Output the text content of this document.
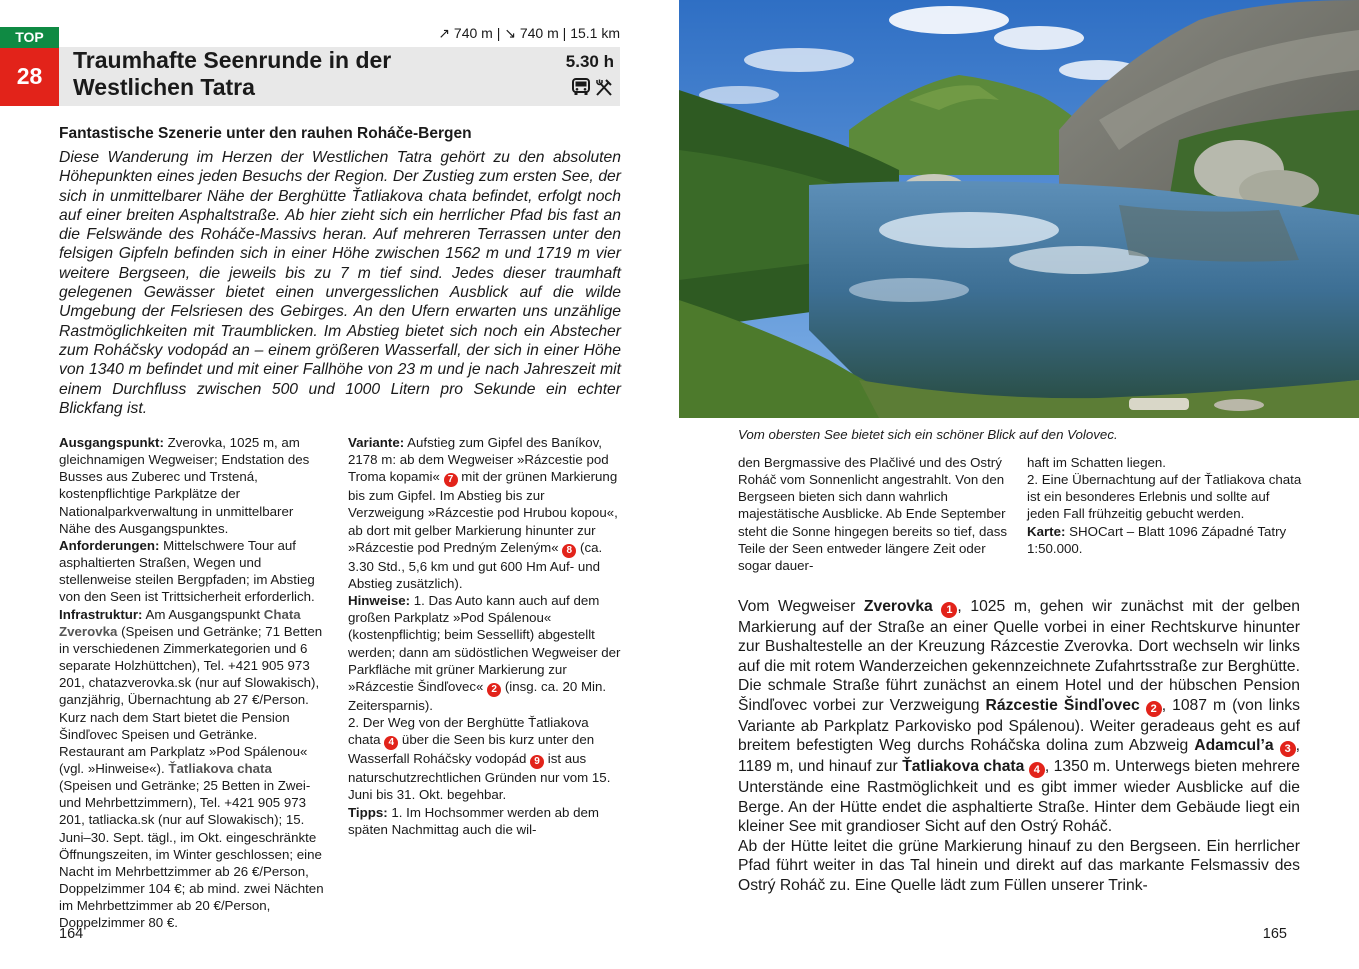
TOP
28
↗ 740 m | ↘ 740 m | 15.1 km
Traumhafte Seenrunde in der
Westlichen Tatra
5.30 h
Fantastische Szenerie unter den rauhen Roháče-Bergen
Diese Wanderung im Herzen der Westlichen Tatra gehört zu den absoluten Höhepunkten eines jeden Besuchs der Region. Der Zustieg zum ersten See, der sich in unmittelbarer Nähe der Berghütte Ťatliakova chata befindet, erfolgt noch auf einer breiten Asphaltstraße. Ab hier zieht sich ein herrlicher Pfad bis fast an die Felswände des Roháče-Massivs heran. Auf mehreren Terrassen unter den felsigen Gipfeln befinden sich in einer Höhe zwischen 1562 m und 1719 m vier weitere Bergseen, die jeweils bis zu 7 m tief sind. Jedes dieser traumhaft gelegenen Gewässer bietet einen unvergesslichen Ausblick auf die wilde Umgebung der Felsriesen des Gebirges. An den Ufern erwarten uns unzählige Rastmöglichkeiten mit Traumblicken. Im Abstieg bietet sich noch ein Abstecher zum Roháčsky vodopád an – einem größeren Wasserfall, der sich in einer Höhe von 1340 m befindet und mit einer Fallhöhe von 23 m und je nach Jahreszeit mit einem Durchfluss zwischen 500 und 1000 Litern pro Sekunde ein echter Blickfang ist.
Ausgangspunkt: Zverovka, 1025 m, am gleichnamigen Wegweiser; Endstation des Busses aus Zuberec und Trstená, kostenpflichtige Parkplätze der Nationalparkverwaltung in unmittelbarer Nähe des Ausgangspunktes.
Anforderungen: Mittelschwere Tour auf asphaltierten Straßen, Wegen und stellenweise steilen Bergpfaden; im Abstieg von den Seen ist Trittsicherheit erforderlich.
Infrastruktur: Am Ausgangspunkt Chata Zverovka (Speisen und Getränke; 71 Betten in verschiedenen Zimmerkategorien und 6 separate Holzhüttchen), Tel. +421 905 973 201, chatazverovka.sk (nur auf Slowakisch), ganzjährig, Übernachtung ab 27 €/Person. Kurz nach dem Start bietet die Pension Šindľovec Speisen und Getränke. Restaurant am Parkplatz »Pod Spálenou« (vgl. »Hinweise«). Ťatliakova chata (Speisen und Getränke; 25 Betten in Zwei- und Mehrbettzimmern), Tel. +421 905 973 201, tatliacka.sk (nur auf Slowakisch); 15. Juni–30. Sept. tägl., im Okt. eingeschränkte Öffnungszeiten, im Winter geschlossen; eine Nacht im Mehrbettzimmer ab 26 €/Person, Doppelzimmer 104 €; ab mind. zwei Nächten im Mehrbettzimmer ab 20 €/Person, Doppelzimmer 80 €.
Variante: Aufstieg zum Gipfel des Baníkov, 2178 m: ab dem Wegweiser »Rázcestie pod Troma kopami« 7 mit der grünen Markierung bis zum Gipfel. Im Abstieg bis zur Verzweigung »Rázcestie pod Hrubou kopou«, ab dort mit gelber Markierung hinunter zur »Rázcestie pod Predným Zeleným« 8 (ca. 3.30 Std., 5,6 km und gut 600 Hm Auf- und Abstieg zusätzlich).
Hinweise: 1. Das Auto kann auch auf dem großen Parkplatz »Pod Spálenou« (kostenpflichtig; beim Sessellift) abgestellt werden; dann am südöstlichen Wegweiser der Parkfläche mit grüner Markierung zur »Rázcestie Šindľovec« 2 (insg. ca. 20 Min. Zeitersparnis).
2. Der Weg von der Berghütte Ťatliakova chata 4 über die Seen bis kurz unter den Wasserfall Roháčsky vodopád 9 ist aus naturschutzrechtlichen Gründen nur vom 15. Juni bis 31. Okt. begehbar.
Tipps: 1. Im Hochsommer werden ab dem späten Nachmittag auch die wil-
164
Vom obersten See bietet sich ein schöner Blick auf den Volovec.
den Bergmassive des Plačlivé und des Ostrý Roháč vom Sonnenlicht angestrahlt. Von den Bergseen bieten sich dann wahrlich majestätische Ausblicke. Ab Ende September steht die Sonne hingegen bereits so tief, dass Teile der Seen entweder längere Zeit oder sogar dauer-
haft im Schatten liegen.
2. Eine Übernachtung auf der Ťatliakova chata ist ein besonderes Erlebnis und sollte auf jeden Fall frühzeitig gebucht werden.
Karte: SHOCart – Blatt 1096 Západné Tatry 1:50.000.

Vom Wegweiser Zverovka 1 , 1025 m, gehen wir zunächst mit der gelben Markierung auf der Straße an einer Quelle vorbei in einer Rechtskurve hinunter zur Bushaltestelle an der Kreuzung Rázcestie Zverovka. Dort wechseln wir links auf die mit rotem Wanderzeichen gekennzeichnete Zufahrtsstraße zur Berghütte. Die schmale Straße führt zunächst an einem Hotel und der hübschen Pension Šindľovec vorbei zur Verzweigung Rázcestie Šindľovec 2 , 1087 m (von links Variante ab Parkplatz Parkovisko pod Spálenou). Weiter geradeaus geht es auf breitem befestigten Weg durchs Roháčska dolina zum Abzweig Adamculʼa 3 , 1189 m, und hinauf zur Ťatliakova chata 4 , 1350 m. Unterwegs bieten mehrere Unterstände eine Rastmöglichkeit und es gibt immer wieder Ausblicke auf die Berge. An der Hütte endet die asphaltierte Straße. Hinter dem Gebäude liegt ein kleiner See mit grandioser Sicht auf den Ostrý Roháč.

Ab der Hütte leitet die grüne Markierung hinauf zu den Bergseen. Ein herrlicher Pfad führt weiter in das Tal hinein und direkt auf das markante Felsmassiv des Ostrý Roháč zu. Eine Quelle lädt zum Füllen unserer Trink-

165
